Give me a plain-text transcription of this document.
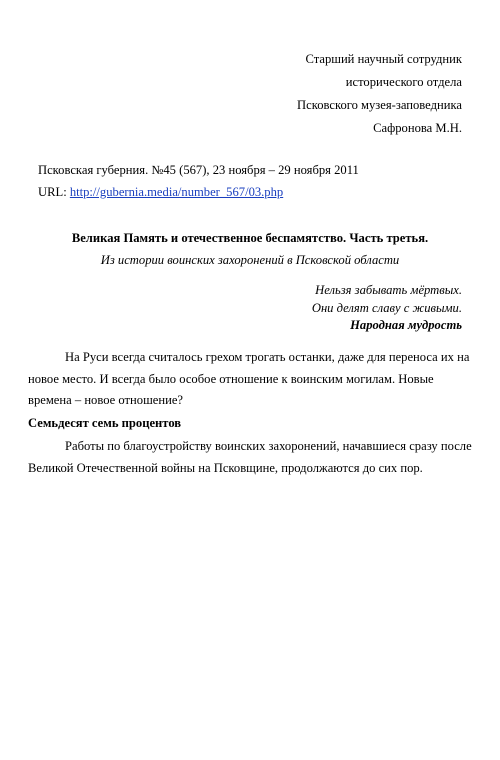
Старший научный сотрудник
исторического отдела
Псковского музея-заповедника
Сафронова М.Н.
Псковская губерния. №45 (567), 23 ноября – 29 ноября 2011
URL: http://gubernia.media/number_567/03.php
Великая Память и отечественное беспамятство. Часть третья.
Из истории воинских захоронений в Псковской области
Нельзя забывать мёртвых.
Они делят славу с живыми.
Народная мудрость

На Руси всегда считалось грехом трогать останки, даже для переноса их на новое место. И всегда было особое отношение к воинским могилам. Новые времена – новое отношение?

Семьдесят семь процентов

Работы по благоустройству воинских захоронений, начавшиеся сразу после Великой Отечественной войны на Псковщине, продолжаются до сих пор.
